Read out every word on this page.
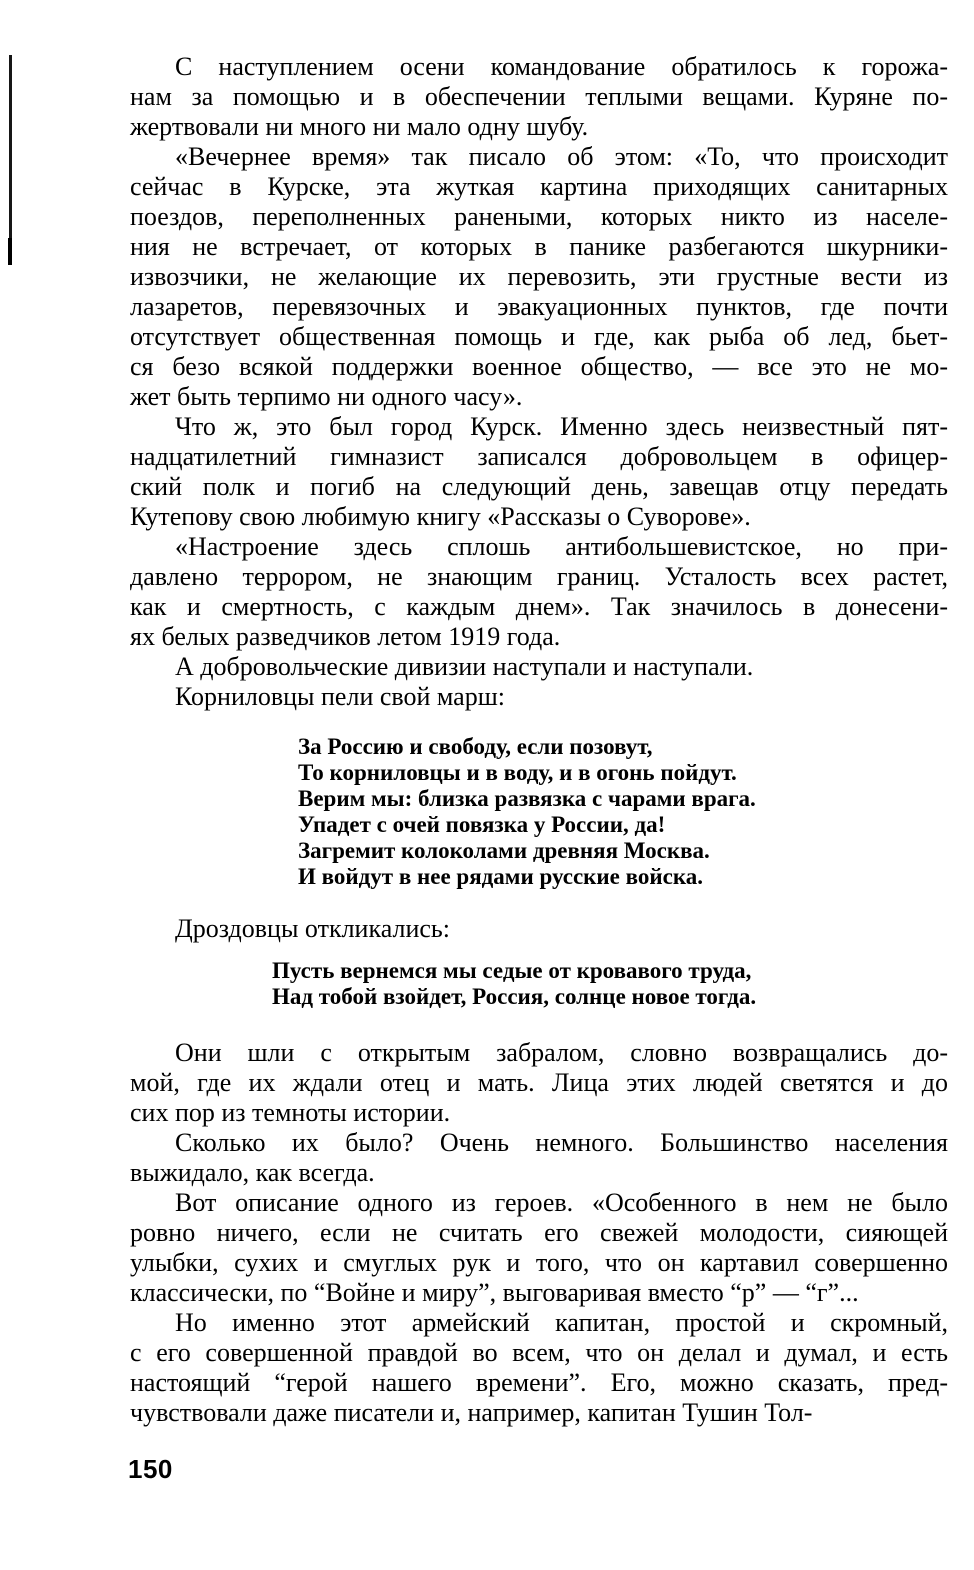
С наступлением осени командование обратилось к горожа-
нам за помощью и в обеспечении теплыми вещами. Куряне по-
жертвовали ни много ни мало одну шубу.
«Вечернее время» так писало об этом: «То, что происходит
сейчас в Курске, эта жуткая картина приходящих санитарных
поездов, переполненных ранеными, которых никто из населе-
ния не встречает, от которых в панике разбегаются шкурники-
извозчики, не желающие их перевозить, эти грустные вести из
лазаретов, перевязочных и эвакуационных пунктов, где почти
отсутствует общественная помощь и где, как рыба об лед, бьет-
ся безо всякой поддержки военное общество, — все это не мо-
жет быть терпимо ни одного часу».
Что ж, это был город Курск. Именно здесь неизвестный пят-
надцатилетний гимназист записался добровольцем в офицер-
ский полк и погиб на следующий день, завещав отцу передать
Кутепову свою любимую книгу «Рассказы о Суворове».
«Настроение здесь сплошь антибольшевистское, но при-
давлено террором, не знающим границ. Усталость всех растет,
как и смертность, с каждым днем». Так значилось в донесени-
ях белых разведчиков летом 1919 года.
А добровольческие дивизии наступали и наступали.
Корниловцы пели свой марш:
За Россию и свободу, если позовут,
То корниловцы и в воду, и в огонь пойдут.
Верим мы: близка развязка с чарами врага.
Упадет с очей повязка у России, да!
Загремит колоколами древняя Москва.
И войдут в нее рядами русские войска.
Дроздовцы откликались:
Пусть вернемся мы седые от кровавого труда,
Над тобой взойдет, Россия, солнце новое тогда.
Они шли с открытым забралом, словно возвращались до-
мой, где их ждали отец и мать. Лица этих людей светятся и до
сих пор из темноты истории.
Сколько их было? Очень немного. Большинство населения
выжидало, как всегда.
Вот описание одного из героев. «Особенного в нем не было
ровно ничего, если не считать его свежей молодости, сияющей
улыбки, сухих и смуглых рук и того, что он картавил совершенно
классически, по “Войне и миру”, выговаривая вместо “р” — “г”...
Но именно этот армейский капитан, простой и скромный,
с его совершенной правдой во всем, что он делал и думал, и есть
настоящий “герой нашего времени”. Его, можно сказать, пред-
чувствовали даже писатели и, например, капитан Тушин Тол-
150
